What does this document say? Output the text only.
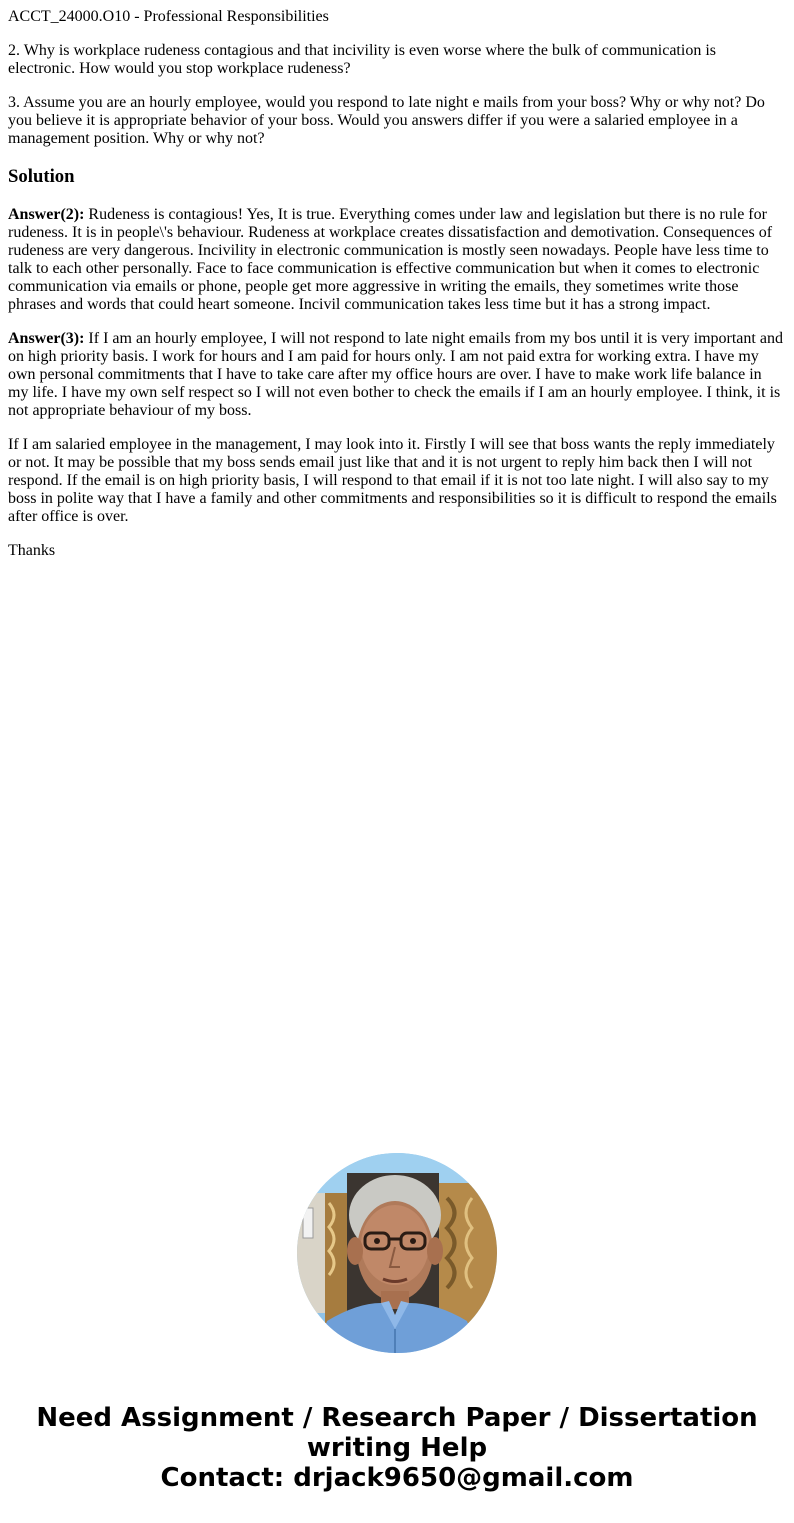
ACCT_24000.O10 - Professional Responsibilities

2. Why is workplace rudeness contagious and that incivility is even worse where the bulk of communication is electronic. How would you stop workplace rudeness?

3. Assume you are an hourly employee, would you respond to late night e mails from your boss? Why or why not? Do you believe it is appropriate behavior of your boss. Would you answers differ if you were a salaried employee in a management position. Why or why not?

Solution

Answer(2): Rudeness is contagious! Yes, It is true. Everything comes under law and legislation but there is no rule for rudeness. It is in people\'s behaviour. Rudeness at workplace creates dissatisfaction and demotivation. Consequences of rudeness are very dangerous. Incivility in electronic communication is mostly seen nowadays. People have less time to talk to each other personally. Face to face communication is effective communication but when it comes to electronic communication via emails or phone, people get more aggressive in writing the emails, they sometimes write those phrases and words that could heart someone. Incivil communication takes less time but it has a strong impact.

Answer(3): If I am an hourly employee, I will not respond to late night emails from my bos until it is very important and on high priority basis. I work for hours and I am paid for hours only. I am not paid extra for working extra. I have my own personal commitments that I have to take care after my office hours are over. I have to make work life balance in my life. I have my own self respect so I will not even bother to check the emails if I am an hourly employee. I think, it is not appropriate behaviour of my boss.

If I am salaried employee in the management, I may look into it. Firstly I will see that boss wants the reply immediately or not. It may be possible that my boss sends email just like that and it is not urgent to reply him back then I will not respond. If the email is on high priority basis, I will respond to that email if it is not too late night. I will also say to my boss in polite way that I have a family and other commitments and responsibilities so it is difficult to respond the emails after office is over.

Thanks

Need Assignment / Research Paper / Dissertation
writing Help
Contact: drjack9650@gmail.com
